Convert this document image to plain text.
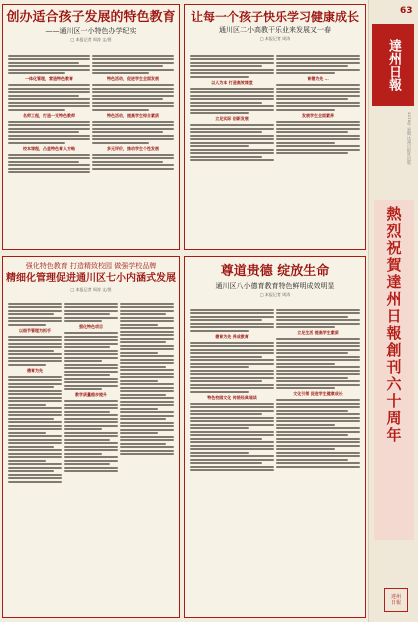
创办适合孩子发展的特色教育
——通川区一小特色办学纪实
□ 本报记者 周涛 文/图
一体化管理，营造特色教育
名师工程，打造一支特色教师
校本课程，凸显特色育人方略
特色活动，促进学生全面发展
特色活动，提高学生综合素质
多元评价，推动学生个性发展
让每一个孩子快乐学习健康成长
通川区二小高教干乐业来发展又一春
□ 本报记者 周涛
以人为本 打造高效课堂
立足实际 创新发展
育德为先 ...
发展学生全面素养
强化特色教育 打造精致校园 做强学校品牌
精细化管理促进通川区七小内涵式发展
□ 本报记者 周涛 文/图
以细节管理为抓手
德育为先
强化特色项目
教学质量稳步提升
尊道贵德 绽放生命
通川区八小德育教育特色鲜明成效明显
□ 本报记者 周涛
德育为先 养成教育
特色校园文化 传统经典诵读
立足生活 提高学生素质
文化引领 促进学生健康成长
63
達州日報
2018年 星期 达州日报社出版
熱
烈
祝
賀
達
州
日
報
創
刊
六
十
周
年
達州
日報
